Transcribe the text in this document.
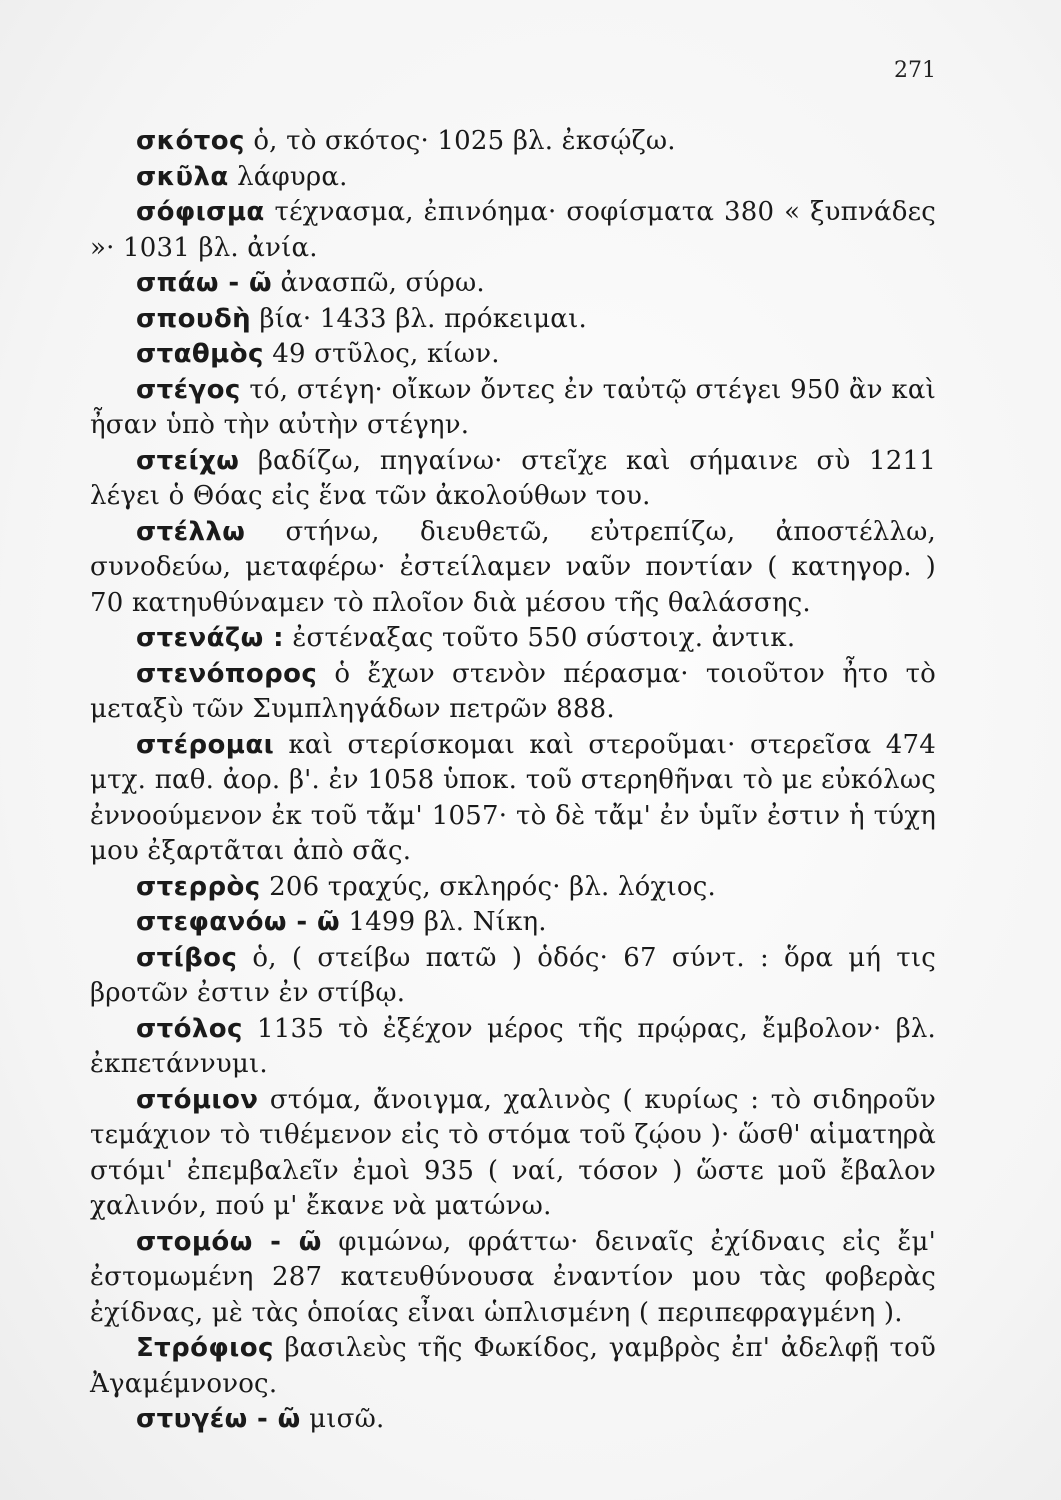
271

σκότος ὁ, τὸ σκότος· 1025 βλ. ἐκσῴζω.

σκῦλα λάφυρα.

σόφισμα τέχνασμα, ἐπινόημα· σοφίσματα 380 « ξυπνάδες »· 1031 βλ. ἀνία.

σπάω - ῶ ἀνασπῶ, σύρω.

σπουδὴ βία· 1433 βλ. πρόκειμαι.

σταθμὸς 49 στῦλος, κίων.

στέγος τό, στέγη· οἴκων ὄντες ἐν ταὐτῷ στέγει 950 ἂν καὶ ἦσαν ὑπὸ τὴν αὐτὴν στέγην.

στείχω βαδίζω, πηγαίνω· στεῖχε καὶ σήμαινε σὺ 1211 λέγει ὁ Θόας εἰς ἕνα τῶν ἀκολούθων του.

στέλλω στήνω, διευθετῶ, εὐτρεπίζω, ἀποστέλλω, συνοδεύω, μεταφέρω· ἐστείλαμεν ναῦν ποντίαν ( κατηγορ. ) 70 κατηυθύναμεν τὸ πλοῖον διὰ μέσου τῆς θαλάσσης.

στενάζω : ἐστέναξας τοῦτο 550 σύστοιχ. ἀντικ.

στενόπορος ὁ ἔχων στενὸν πέρασμα· τοιοῦτον ἦτο τὸ μεταξὺ τῶν Συμπληγάδων πετρῶν 888.

στέρομαι καὶ στερίσκομαι καὶ στεροῦμαι· στερεῖσα 474 μτχ. παθ. ἀορ. β'. ἐν 1058 ὑποκ. τοῦ στερηθῆναι τὸ με εὐκόλως ἐννοούμενον ἐκ τοῦ τἄμ' 1057· τὸ δὲ τἄμ' ἐν ὑμῖν ἐστιν ἡ τύχη μου ἐξαρτᾶται ἀπὸ σᾶς.

στερρὸς 206 τραχύς, σκληρός· βλ. λόχιος.

στεφανόω - ῶ 1499 βλ. Νίκη.

στίβος ὁ, ( στείβω πατῶ ) ὁδός· 67 σύντ. : ὅρα μή τις βροτῶν ἐστιν ἐν στίβῳ.

στόλος 1135 τὸ ἐξέχον μέρος τῆς πρῴρας, ἔμβολον· βλ. ἐκπετάννυμι.

στόμιον στόμα, ἄνοιγμα, χαλινὸς ( κυρίως : τὸ σιδηροῦν τεμάχιον τὸ τιθέμενον εἰς τὸ στόμα τοῦ ζῴου )· ὥσθ' αἱματηρὰ στόμι' ἐπεμβαλεῖν ἐμοὶ 935 ( ναί, τόσον ) ὥστε μοῦ ἔβαλον χαλινόν, πού μ' ἔκανε νὰ ματώνω.

στομόω - ῶ φιμώνω, φράττω· δειναῖς ἐχίδναις εἰς ἔμ' ἐστομωμένη 287 κατευθύνουσα ἐναντίον μου τὰς φοβερὰς ἐχίδνας, μὲ τὰς ὁποίας εἶναι ὡπλισμένη ( περιπεφραγμένη ).

Στρόφιος βασιλεὺς τῆς Φωκίδος, γαμβρὸς ἐπ' ἀδελφῇ τοῦ Ἀγαμέμνονος.

στυγέω - ῶ μισῶ.
